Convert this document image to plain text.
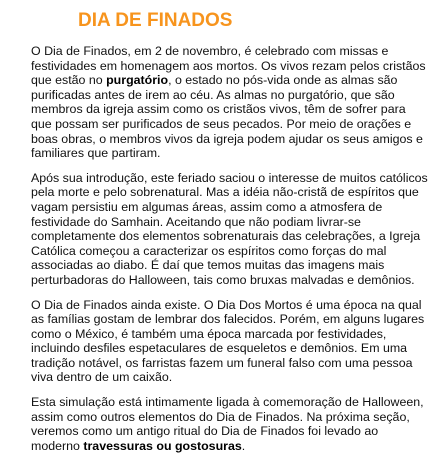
DIA DE FINADOS

O Dia de Finados, em 2 de novembro, é celebrado com missas e festividades em homenagem aos mortos. Os vivos rezam pelos cristãos que estão no purgatório, o estado no pós-vida onde as almas são purificadas antes de irem ao céu. As almas no purgatório, que são membros da igreja assim como os cristãos vivos, têm de sofrer para que possam ser purificados de seus pecados. Por meio de orações e boas obras, o membros vivos da igreja podem ajudar os seus amigos e familiares que partiram.

Após sua introdução, este feriado saciou o interesse de muitos católicos pela morte e pelo sobrenatural. Mas a idéia não-cristã de espíritos que vagam persistiu em algumas áreas, assim como a atmosfera de festividade do Samhain. Aceitando que não podiam livrar-se completamente dos elementos sobrenaturais das celebrações, a Igreja Católica começou a caracterizar os espíritos como forças do mal associadas ao diabo. É daí que temos muitas das imagens mais perturbadoras do Halloween, tais como bruxas malvadas e demônios.

O Dia de Finados ainda existe. O Dia Dos Mortos é uma época na qual as famílias gostam de lembrar dos falecidos. Porém, em alguns lugares como o México, é também uma época marcada por festividades, incluindo desfiles espetaculares de esqueletos e demônios. Em uma tradição notável, os farristas fazem um funeral falso com uma pessoa viva dentro de um caixão.

Esta simulação está intimamente ligada à comemoração de Halloween, assim como outros elementos do Dia de Finados. Na próxima seção, veremos como um antigo ritual do Dia de Finados foi levado ao moderno travessuras ou gostosuras.
